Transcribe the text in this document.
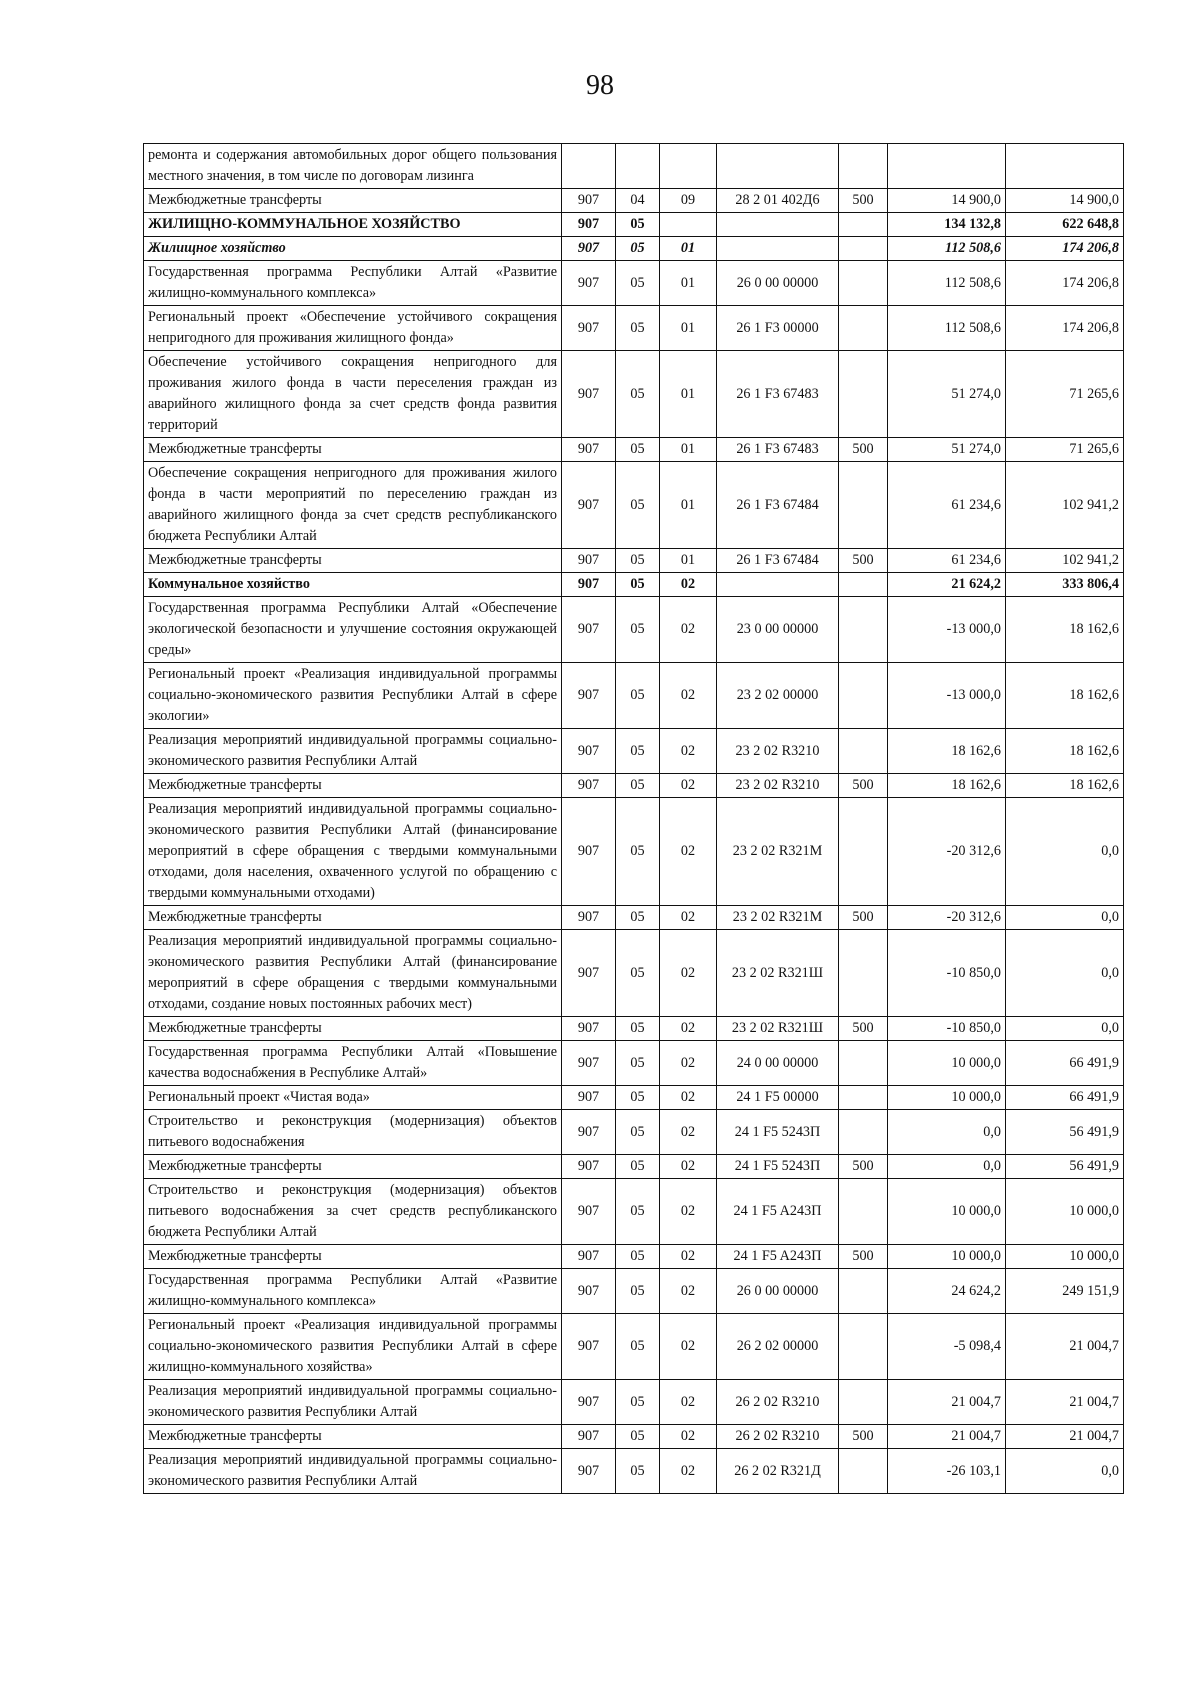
98
ремонта и содержания автомобильных дорог общего пользования местного значения, в том числе по договорам лизинга							
Межбюджетные трансферты	907	04	09	28 2 01 402Д6	500	14 900,0	14 900,0
ЖИЛИЩНО-КОММУНАЛЬНОЕ ХОЗЯЙСТВО	907	05				134 132,8	622 648,8
Жилищное хозяйство	907	05	01			112 508,6	174 206,8
Государственная программа Республики Алтай «Развитие жилищно-коммунального комплекса»	907	05	01	26 0 00 00000		112 508,6	174 206,8
Региональный проект «Обеспечение устойчивого сокращения непригодного для проживания жилищного фонда»	907	05	01	26 1 F3 00000		112 508,6	174 206,8
Обеспечение устойчивого сокращения непригодного для проживания жилого фонда в части переселения граждан из аварийного жилищного фонда за счет средств фонда развития территорий	907	05	01	26 1 F3 67483		51 274,0	71 265,6
Межбюджетные трансферты	907	05	01	26 1 F3 67483	500	51 274,0	71 265,6
Обеспечение сокращения непригодного для проживания жилого фонда в части мероприятий по переселению граждан из аварийного жилищного фонда за счет средств республиканского бюджета Республики Алтай	907	05	01	26 1 F3 67484		61 234,6	102 941,2
Межбюджетные трансферты	907	05	01	26 1 F3 67484	500	61 234,6	102 941,2
Коммунальное хозяйство	907	05	02			21 624,2	333 806,4
Государственная программа Республики Алтай «Обеспечение экологической безопасности и улучшение состояния окружающей среды»	907	05	02	23 0 00 00000		-13 000,0	18 162,6
Региональный проект «Реализация индивидуальной программы социально-экономического развития Республики Алтай в сфере экологии»	907	05	02	23 2 02 00000		-13 000,0	18 162,6
Реализация мероприятий индивидуальной программы социально-экономического развития Республики Алтай	907	05	02	23 2 02 R3210		18 162,6	18 162,6
Межбюджетные трансферты	907	05	02	23 2 02 R3210	500	18 162,6	18 162,6
Реализация мероприятий индивидуальной программы социально-экономического развития Республики Алтай (финансирование мероприятий в сфере обращения с твердыми коммунальными отходами, доля населения, охваченного услугой по обращению с твердыми коммунальными отходами)	907	05	02	23 2 02 R321M		-20 312,6	0,0
Межбюджетные трансферты	907	05	02	23 2 02 R321M	500	-20 312,6	0,0
Реализация мероприятий индивидуальной программы социально-экономического развития Республики Алтай (финансирование мероприятий в сфере обращения с твердыми коммунальными отходами, создание новых постоянных рабочих мест)	907	05	02	23 2 02 R321Ш		-10 850,0	0,0
Межбюджетные трансферты	907	05	02	23 2 02 R321Ш	500	-10 850,0	0,0
Государственная программа Республики Алтай «Повышение качества водоснабжения в Республике Алтай»	907	05	02	24 0 00 00000		10 000,0	66 491,9
Региональный проект «Чистая вода»	907	05	02	24 1 F5 00000		10 000,0	66 491,9
Строительство и реконструкция (модернизация) объектов питьевого водоснабжения	907	05	02	24 1 F5 5243П		0,0	56 491,9
Межбюджетные трансферты	907	05	02	24 1 F5 5243П	500	0,0	56 491,9
Строительство и реконструкция (модернизация) объектов питьевого водоснабжения за счет средств республиканского бюджета Республики Алтай	907	05	02	24 1 F5 A243П		10 000,0	10 000,0
Межбюджетные трансферты	907	05	02	24 1 F5 A243П	500	10 000,0	10 000,0
Государственная программа Республики Алтай «Развитие жилищно-коммунального комплекса»	907	05	02	26 0 00 00000		24 624,2	249 151,9
Региональный проект «Реализация индивидуальной программы социально-экономического развития Республики Алтай в сфере жилищно-коммунального хозяйства»	907	05	02	26 2 02 00000		-5 098,4	21 004,7
Реализация мероприятий индивидуальной программы социально-экономического развития Республики Алтай	907	05	02	26 2 02 R3210		21 004,7	21 004,7
Межбюджетные трансферты	907	05	02	26 2 02 R3210	500	21 004,7	21 004,7
Реализация мероприятий индивидуальной программы социально-экономического развития Республики Алтай	907	05	02	26 2 02 R321Д		-26 103,1	0,0
